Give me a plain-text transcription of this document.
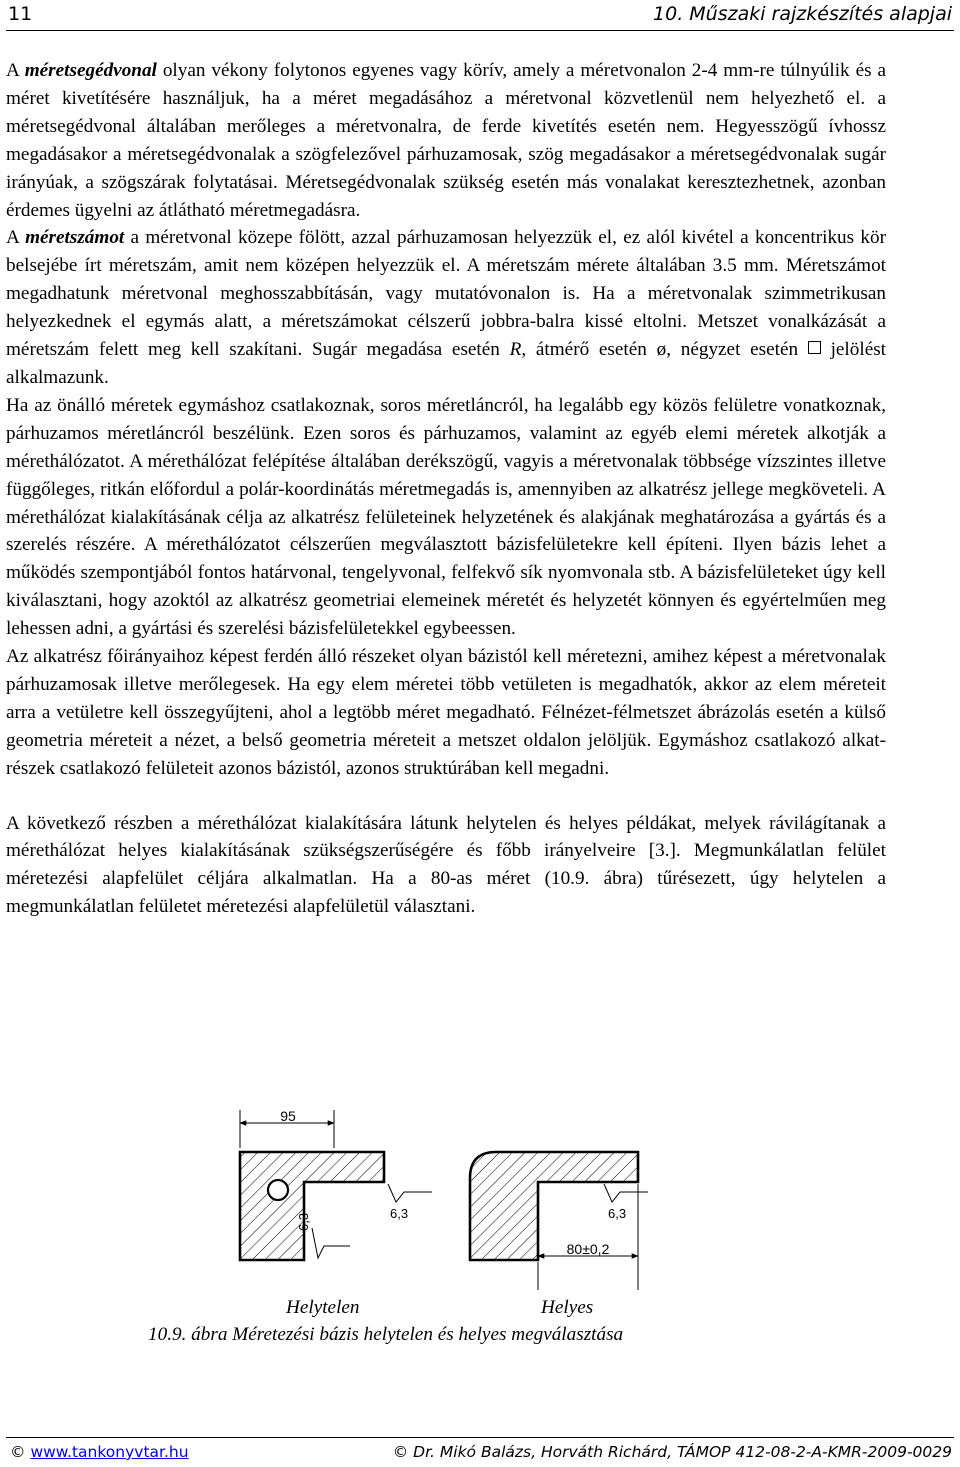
11	10. Műszaki rajzkészítés alapjai

A méretsegédvonal olyan vékony folytonos egyenes vagy körív, amely a méretvonalon 2-4 mm-re túlnyúlik és a méret kivetítésére használjuk, ha a méret megadásához a méretvonal közvetlenül nem helyezhető el. a méretsegédvonal általában merőleges a méretvonalra, de ferde kivetítés esetén nem. Hegyesszögű ívhossz megadásakor a méretsegédvonalak a szögfelezővel párhuzamosak, szög megadásakor a méretsegédvonalak sugár irányúak, a szögszárak folytatásai. Méretsegédvonalak szükség esetén más vonalakat keresztezhetnek, azonban érdemes ügyelni az átlátható méretmegadásra.

A méretszámot a méretvonal közepe fölött, azzal párhuzamosan helyezzük el, ez alól kivétel a koncentrikus kör belsejébe írt méretszám, amit nem középen helyezzük el. A méretszám mérete általában 3.5 mm. Méretszámot megadhatunk méretvonal meghosszabbításán, vagy mutatóvonalon is. Ha a méretvonalak szimmetrikusan helyezkednek el egymás alatt, a méretszámokat célszerű jobbra-balra kissé eltolni. Metszet vonalkázását a méretszám felett meg kell szakítani. Sugár megadása esetén R, átmérő esetén ø, négyzet esetén  jelölést alkalmazunk.

Ha az önálló méretek egymáshoz csatlakoznak, soros méretláncról, ha legalább egy közös felületre vonatkoznak, párhuzamos méretláncról beszélünk. Ezen soros és párhuzamos, valamint az egyéb elemi méretek alkotják a mérethálózatot. A mérethálózat felépítése általában derékszögű, vagyis a méretvonalak többsége vízszintes illetve függőleges, ritkán előfordul a polár-koordinátás méretmegadás is, amennyiben az alkatrész jellege megköveteli. A mérethálózat kialakításának célja az alkatrész felületeinek helyzetének és alakjának meghatározása a gyártás és a szerelés részére. A mérethálózatot célszerűen megválasztott bázisfelületekre kell építeni. Ilyen bázis lehet a működés szempontjából fontos határvonal, tengelyvonal, felfekvő sík nyomvonala stb. A bázisfelületeket úgy kell kiválasztani, hogy azoktól az alkatrész geometriai elemeinek méretét és helyzetét könnyen és egyértelműen meg lehessen adni, a gyártási és szerelési bázisfelületekkel egybeessen.

Az alkatrész főirányaihoz képest ferdén álló részeket olyan bázistól kell méretezni, amihez képest a méretvonalak párhuzamosak illetve merőlegesek. Ha egy elem méretei több vetületen is megadhatók, akkor az elem méreteit arra a vetületre kell összegyűjteni, ahol a legtöbb méret megadható. Félnézet-félmetszet ábrázolás esetén a külső geometria méreteit a nézet, a belső geometria méreteit a metszet oldalon jelöljük. Egymáshoz csatlakozó alkatrészek csatlakozó felületeit azonos bázistól, azonos struktúrában kell megadni.

A következő részben a mérethálózat kialakítására látunk helytelen és helyes példákat, melyek rávilágítanak a mérethálózat helyes kialakításának szükségszerűségére és főbb irányelveire [3.]. Megmunkálatlan felület méretezési alapfelület céljára alkalmatlan. Ha a 80-as méret (10.9. ábra) tűrésezett, úgy helytelen a megmunkálatlan felületet méretezési alapfelületül választani.

95
6,3	6,3
80±0,2
6,3
Helytelen	Helyes
10.9. ábra Méretezési bázis helytelen és helyes megválasztása
© www.tankonyvtar.hu	© Dr. Mikó Balázs, Horváth Richárd, TÁMOP 412-08-2-A-KMR-2009-0029
